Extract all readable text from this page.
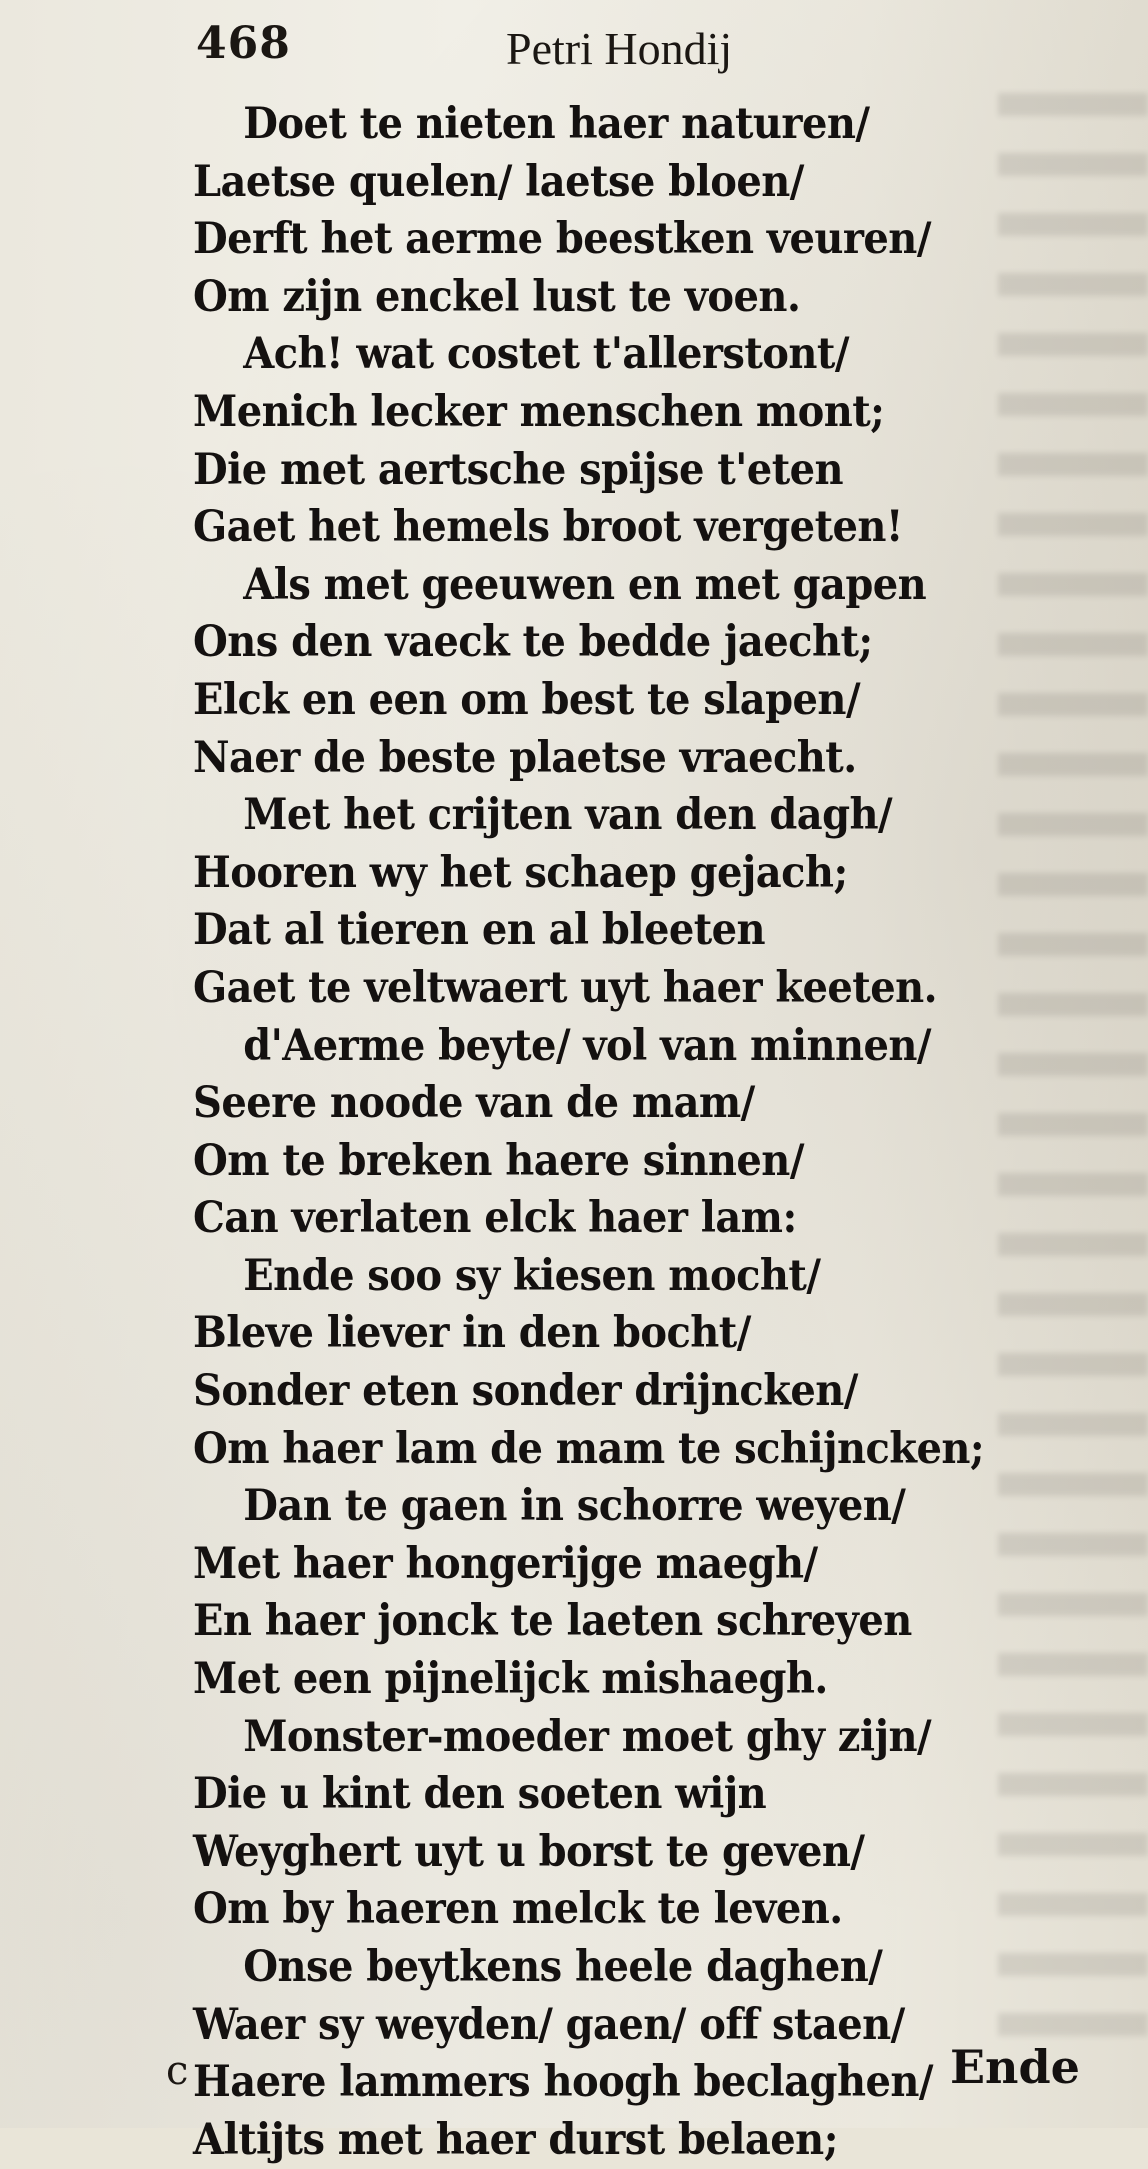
468	Petri Hondij
Doet te nieten haer naturen/
Laetse quelen/ laetse bloen/
Derft het aerme beestken veuren/
Om zijn enckel lust te voen.
Ach! wat costet t'allerstont/
Menich lecker menschen mont;
Die met aertsche spijse t'eten
Gaet het hemels broot vergeten!
Als met geeuwen en met gapen
Ons den vaeck te bedde jaecht;
Elck en een om best te slapen/
Naer de beste plaetse vraecht.
Met het crijten van den dagh/
Hooren wy het schaep gejach;
Dat al tieren en al bleeten
Gaet te veltwaert uyt haer keeten.
d'Aerme beyte/ vol van minnen/
Seere noode van de mam/
Om te breken haere sinnen/
Can verlaten elck haer lam:
Ende soo sy kiesen mocht/
Bleve liever in den bocht/
Sonder eten sonder drijncken/
Om haer lam de mam te schijncken;
Dan te gaen in schorre weyen/
Met haer hongerijge maegh/
En haer jonck te laeten schreyen
Met een pijnelijck mishaegh.
Monster-moeder moet ghy zijn/
Die u kint den soeten wijn
Weyghert uyt u borst te geven/
Om by haeren melck te leven.
Onse beytkens heele daghen/
Waer sy weyden/ gaen/ off staen/
Haere lammers hoogh beclaghen/
Altijts met haer durst belaen;
c	Ende
